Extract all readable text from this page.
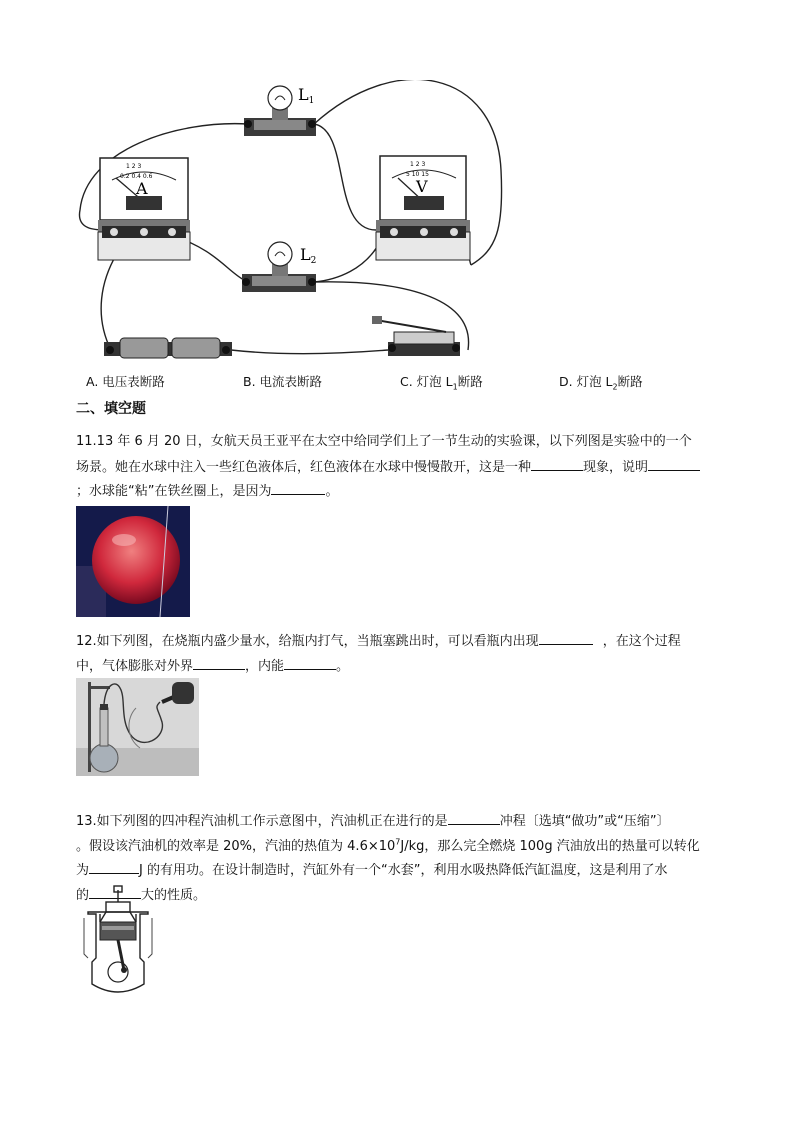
L1
A
0.2 0.4 0.6
1 2 3
V
5 10 15
1 2 3
L2
A. 电压表断路	B. 电流表断路	C. 灯泡 $L_1$断路	D. 灯泡 $L_2$断路
二、填空题
11.13 年 6 月 20 日，女航天员王亚平在太空中给同学们上了一节生动的实验课，以下列图是实验中的一个
场景。她在水球中注入一些红色液体后，红色液体在水球中慢慢散开，这是一种	现象，说明
；水球能“粘”在铁丝圈上，是因为	。
12.如下列图，在烧瓶内盛少量水，给瓶内打气，当瓶塞跳出时，可以看瓶内出现	，在这个过程
中，气体膨胀对外界	，内能	。
13.如下列图的四冲程汽油机工作示意图中，汽油机正在进行的是	冲程〔选填“做功”或“压缩”〕
。假设该汽油机的效率是 20%，汽油的热值为 $4.6\times 10^7J/kg$，那么完全燃烧 100g 汽油放出的热量可以转化
为	J 的有用功。在设计制造时，汽缸外有一个“水套”，利用水吸热降低汽缸温度，这是利用了水
的	大的性质。
